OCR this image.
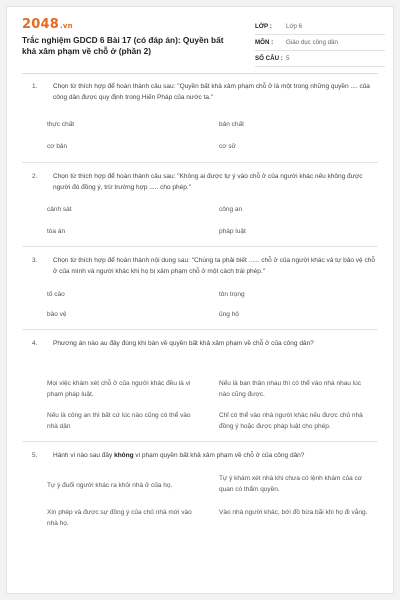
2048.vn
Trắc nghiệm GDCD 6 Bài 17 (có đáp án): Quyền bất khả xâm phạm về chỗ ở (phần 2)
LỚP :	Lớp 6
MÔN :	Giáo dục công dân
SỐ CÂU : 5
1. Chọn từ thích hợp để hoàn thành câu sau: "Quyền bất khả xâm phạm chỗ ở là một trong những quyền .... của công dân được quy định trong Hiến Pháp của nước ta."
thực chất	bản chất
cơ bản	cơ sở
2. Chọn từ thích hợp để hoàn thành câu sau: "Không ai được tự ý vào chỗ ở của người khác nếu không được người đó đồng ý, trừ trường hợp ..... cho phép."
cảnh sát	công an
tòa án	pháp luật
3. Chọn từ thích hợp để hoàn thành nội dung sau: "Chúng ta phải biết ...... chỗ ở của người khác và tự bảo vệ chỗ ở của mình và người khác khi họ bị xâm phạm chỗ ở một cách trái phép."
tố cáo	tôn trọng
bảo vệ	ủng hộ
4. Phương án nào au đây đúng khi bàn về quyền bất khả xâm phạm về chỗ ở của công dân?
Mọi việc khám xét chỗ ở của người khác đều là vi phạm pháp luật.
Nếu là bạn thân nhau thì có thể vào nhà nhau lúc nào cũng được.
Nếu là công an thì bất cứ lúc nào cũng có thể vào nhà dân
Chỉ có thể vào nhà người khác nếu được chủ nhà đồng ý hoặc được pháp luật cho phép.
5. Hành vi nào sau đây không vi phạm quyền bất khả xâm phạm về chỗ ở của công dân?
Tự ý đuổi người khác ra khỏi nhà ở của họ.
Tự ý khám xét nhà khi chưa có lệnh khám của cơ quan có thẩm quyền.
Xin phép và được sự đồng ý của chủ nhà mới vào nhà họ.
Vào nhà người khác, bới đồ bừa bãi khi họ đi vắng.
